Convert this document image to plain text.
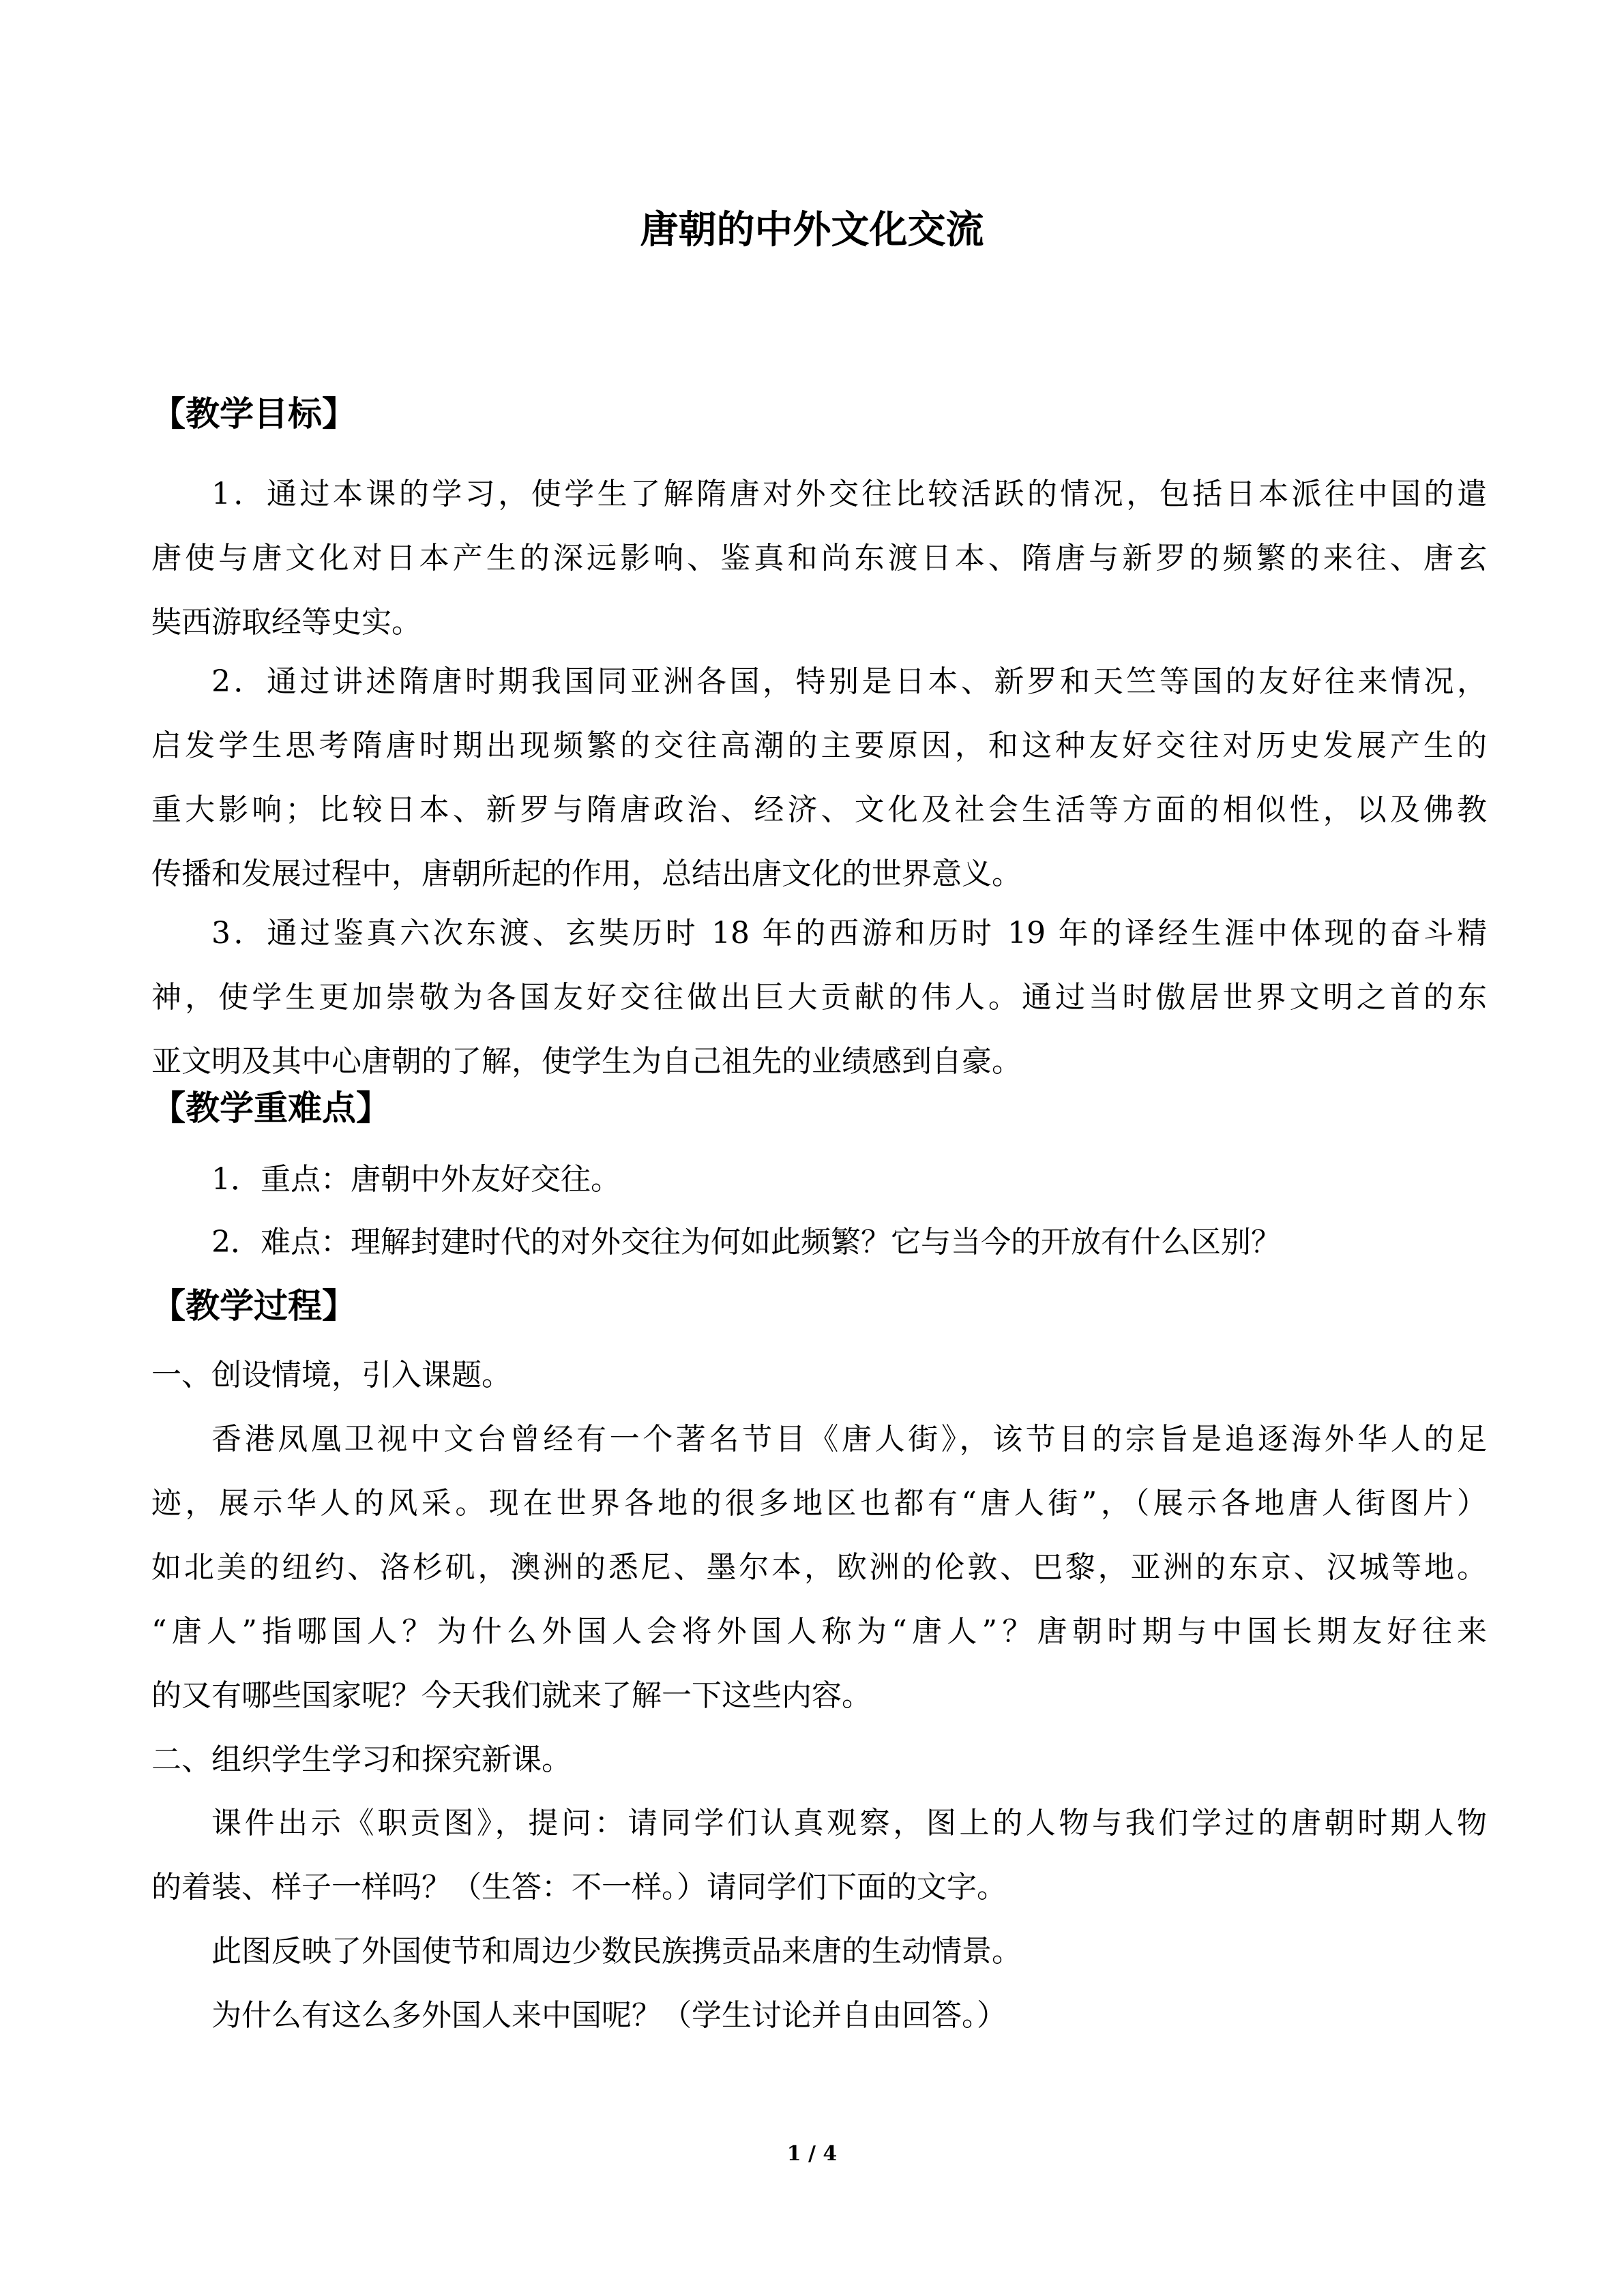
唐朝的中外文化交流
【教学目标】

1．通过本课的学习，使学生了解隋唐对外交往比较活跃的情况，包括日本派往中国的遣

唐使与唐文化对日本产生的深远影响、鉴真和尚东渡日本、隋唐与新罗的频繁的来往、唐玄

奘西游取经等史实。

2．通过讲述隋唐时期我国同亚洲各国，特别是日本、新罗和天竺等国的友好往来情况，

启发学生思考隋唐时期出现频繁的交往高潮的主要原因，和这种友好交往对历史发展产生的

重大影响；比较日本、新罗与隋唐政治、经济、文化及社会生活等方面的相似性，以及佛教

传播和发展过程中，唐朝所起的作用，总结出唐文化的世界意义。

3．通过鉴真六次东渡、玄奘历时 18 年的西游和历时 19 年的译经生涯中体现的奋斗精

神，使学生更加崇敬为各国友好交往做出巨大贡献的伟人。通过当时傲居世界文明之首的东

亚文明及其中心唐朝的了解，使学生为自己祖先的业绩感到自豪。

【教学重难点】

1．重点：唐朝中外友好交往。

2．难点：理解封建时代的对外交往为何如此频繁？它与当今的开放有什么区别？

【教学过程】

一、创设情境，引入课题。

香港凤凰卫视中文台曾经有一个著名节目《唐人街》，该节目的宗旨是追逐海外华人的足

迹，展示华人的风采。现在世界各地的很多地区也都有“唐人街”，（展示各地唐人街图片）

如北美的纽约、洛杉矶，澳洲的悉尼、墨尔本，欧洲的伦敦、巴黎，亚洲的东京、汉城等地。

“唐人”指哪国人？为什么外国人会将外国人称为“唐人”？唐朝时期与中国长期友好往来

的又有哪些国家呢？今天我们就来了解一下这些内容。

二、组织学生学习和探究新课。

课件出示《职贡图》，提问：请同学们认真观察，图上的人物与我们学过的唐朝时期人物

的着装、样子一样吗？（生答：不一样。）请同学们下面的文字。

此图反映了外国使节和周边少数民族携贡品来唐的生动情景。

为什么有这么多外国人来中国呢？（学生讨论并自由回答。）

1 / 4
